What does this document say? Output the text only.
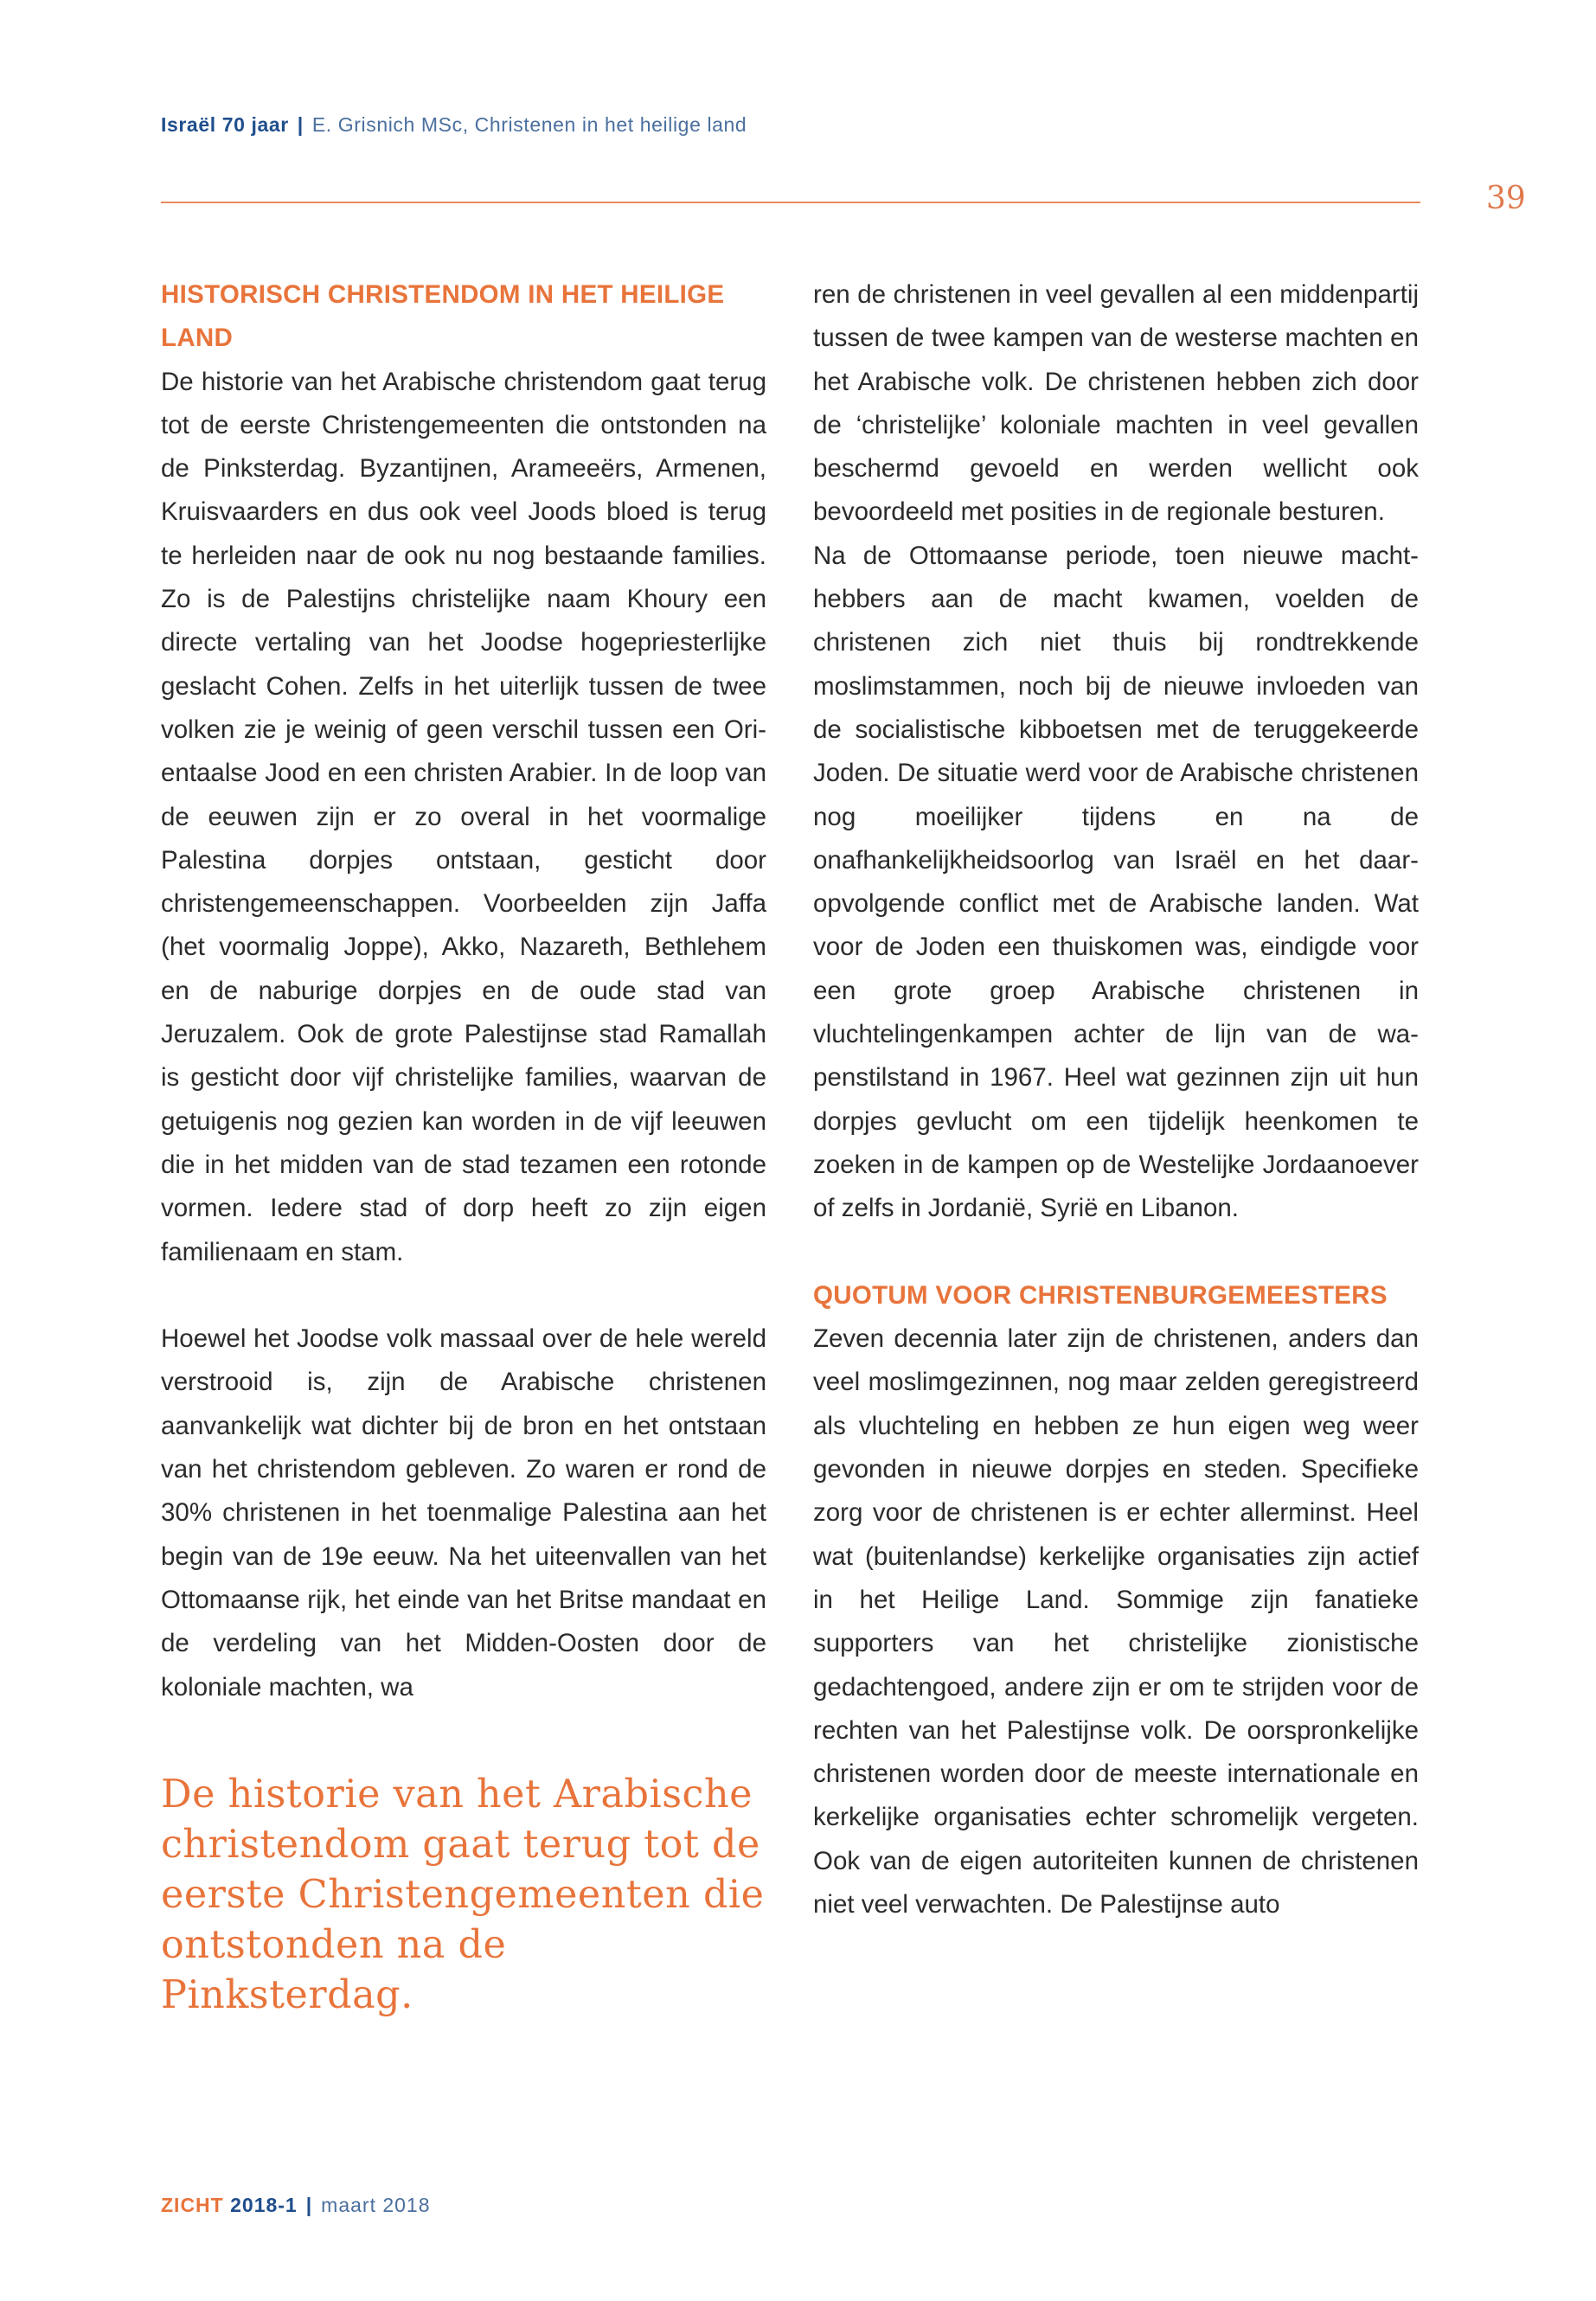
Israël 70 jaar | E. Grisnich MSc, Christenen in het heilige land
39
HISTORISCH CHRISTENDOM IN HET HEILIGE LAND

De historie van het Arabische christendom gaat terug tot de eerste Christengemeenten die ontstonden na de Pinksterdag. Byzantijnen, Arameeërs, Armenen, Kruisvaarders en dus ook veel Joods bloed is terug te herleiden naar de ook nu nog bestaande families. Zo is de Palestijns christelijke naam Khoury een directe vertaling van het Joodse hogepriesterlijke geslacht Cohen. Zelfs in het uiterlijk tussen de twee volken zie je weinig of geen verschil tussen een Orientaalse Jood en een christen Arabier. In de loop van de eeuwen zijn er zo overal in het voormalige Palestina dorpjes ontstaan, gesticht door christengemeenschappen. Voorbeelden zijn Jaffa (het voormalig Joppe), Akko, Nazareth, Bethlehem en de naburige dorpjes en de oude stad van Jeruzalem. Ook de grote Palestijnse stad Ramallah is gesticht door vijf christelijke families, waarvan de getuigenis nog gezien kan worden in de vijf leeuwen die in het midden van de stad tezamen een rotonde vormen. Iedere stad of dorp heeft zo zijn eigen familienaam en stam.

Hoewel het Joodse volk massaal over de hele wereld verstrooid is, zijn de Arabische christenen aanvankelijk wat dichter bij de bron en het ontstaan van het christendom gebleven. Zo waren er rond de 30% christenen in het toenmalige Palestina aan het begin van de 19e eeuw. Na het uiteenvallen van het Ottomaanse rijk, het einde van het Britse mandaat en de verdeling van het Midden-Oosten door de koloniale machten, wa

De historie van het Arabische christendom gaat terug tot de eerste Christengemeenten die ontstonden na de Pinksterdag.

ren de christenen in veel gevallen al een middenpartij tussen de twee kampen van de westerse machten en het Arabische volk. De christenen hebben zich door de ‘christelijke’ koloniale machten in veel gevallen beschermd gevoeld en werden wellicht ook bevoordeeld met posities in de regionale besturen.

Na de Ottomaanse periode, toen nieuwe machthebbers aan de macht kwamen, voelden de christenen zich niet thuis bij rondtrekkende moslimstammen, noch bij de nieuwe invloeden van de socialistische kibboetsen met de teruggekeerde Joden. De situatie werd voor de Arabische christenen nog moeilijker tijdens en na de onafhankelijkheidsoorlog van Israël en het daaropvolgende conflict met de Arabische landen. Wat voor de Joden een thuiskomen was, eindigde voor een grote groep Arabische christenen in vluchtelingenkampen achter de lijn van de wapenstilstand in 1967. Heel wat gezinnen zijn uit hun dorpjes gevlucht om een tijdelijk heenkomen te zoeken in de kampen op de Westelijke Jordaanoever of zelfs in Jordanië, Syrië en Libanon.

QUOTUM VOOR CHRISTENBURGEMEESTERS

Zeven decennia later zijn de christenen, anders dan veel moslimgezinnen, nog maar zelden geregistreerd als vluchteling en hebben ze hun eigen weg weer gevonden in nieuwe dorpjes en steden. Specifieke zorg voor de christenen is er echter allerminst. Heel wat (buitenlandse) kerkelijke organisaties zijn actief in het Heilige Land. Sommige zijn fanatieke supporters van het christelijke zionistische gedachtengoed, andere zijn er om te strijden voor de rechten van het Palestijnse volk. De oorspronkelijke christenen worden door de meeste internationale en kerkelijke organisaties echter schromelijk vergeten. Ook van de eigen autoriteiten kunnen de christenen niet veel verwachten. De Palestijnse auto

ZICHT 2018-1 | maart 2018
